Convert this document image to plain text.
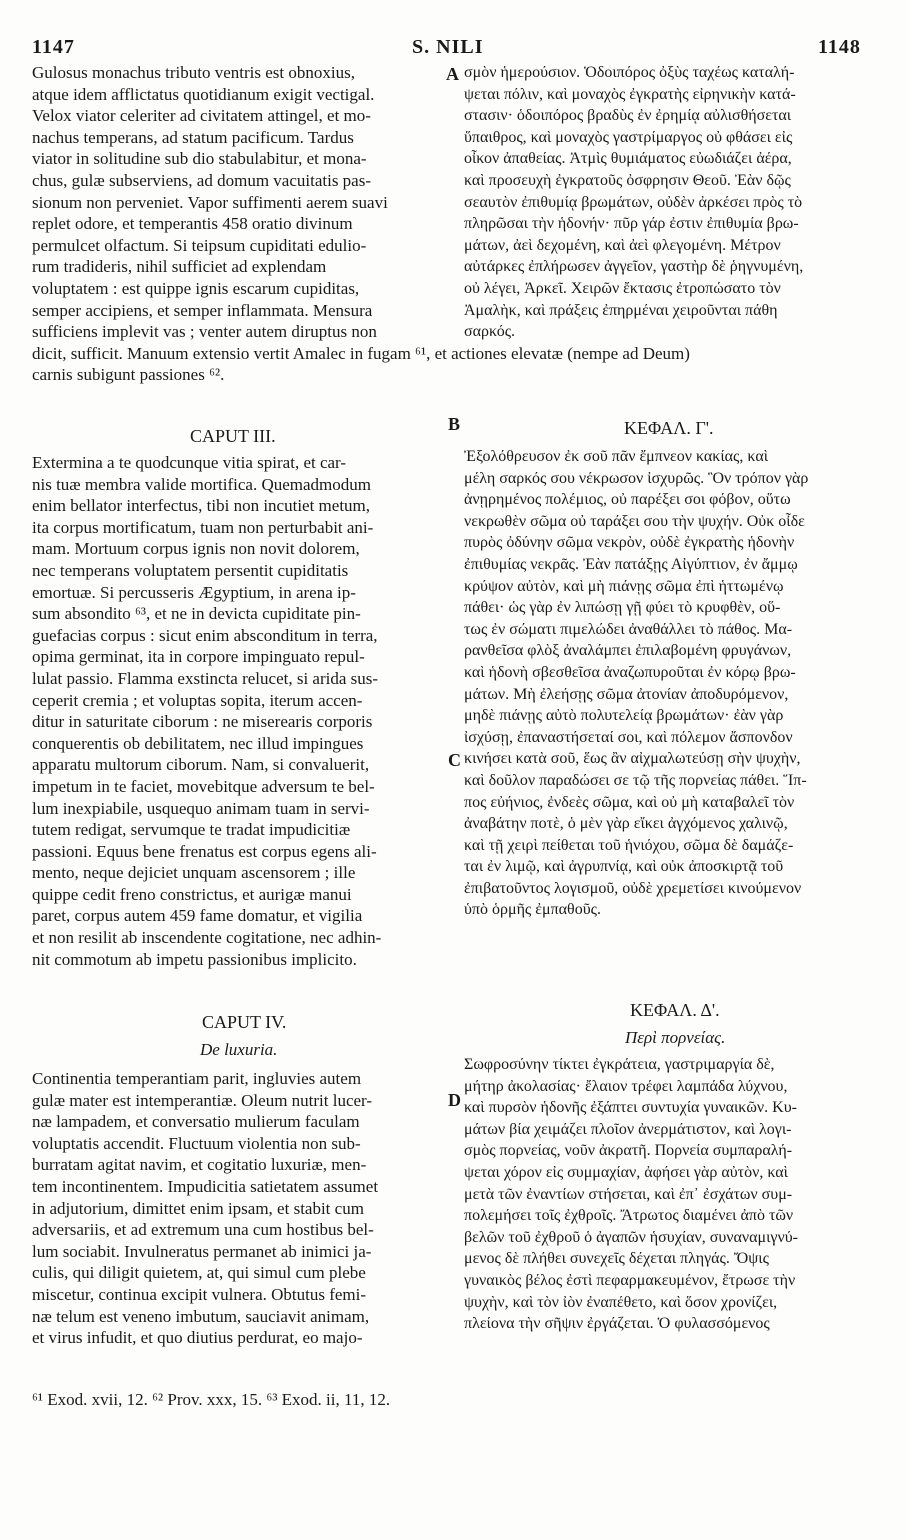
1147	S. NILI	1148
A
B
C
D
Gulosus monachus tributo ventris est obnoxius,
atque idem afflictatus quotidianum exigit vectigal.
Velox viator celeriter ad civitatem attingel, et mo-
nachus temperans, ad statum pacificum. Tardus
viator in solitudine sub dio stabulabitur, et mona-
chus, gulæ subserviens, ad domum vacuitatis pas-
sionum non perveniet. Vapor suffimenti aerem suavi
replet odore, et temperantis 458 oratio divinum
permulcet olfactum. Si teipsum cupiditati edulio-
rum tradideris, nihil sufficiet ad explendam
voluptatem : est quippe ignis escarum cupiditas,
semper accipiens, et semper inflammata. Mensura
sufficiens implevit vas ; venter autem diruptus non
dicit, sufficit. Manuum extensio vertit Amalec in fugam ⁶¹, et actiones elevatæ (nempe ad Deum)
carnis subigunt passiones ⁶².
σμὸν ἡμερούσιον. Ὁδοιπόρος ὀξὺς ταχέως καταλή-
ψεται πόλιν, καὶ μοναχὸς ἐγκρατὴς εἰρηνικὴν κατά-
στασιν· ὁδοιπόρος βραδὺς ἐν ἐρημίᾳ αὐλισθήσεται
ὕπαιθρος, καὶ μοναχὸς γαστρίμαργος οὐ φθάσει εἰς
οἶκον ἀπαθείας. Ἀτμὶς θυμιάματος εὐωδιάζει ἀέρα,
καὶ προσευχὴ ἐγκρατοῦς ὀσφρησιν Θεοῦ. Ἐὰν δῷς
σεαυτὸν ἐπιθυμίᾳ βρωμάτων, οὐδὲν ἀρκέσει πρὸς τὸ
πληρῶσαι τὴν ἡδονήν· πῦρ γάρ ἐστιν ἐπιθυμία βρω-
μάτων, ἀεὶ δεχομένη, καὶ ἀεὶ φλεγομένη. Μέτρον
αὐτάρκες ἐπλήρωσεν ἀγγεῖον, γαστὴρ δὲ ῥηγνυμένη,
οὐ λέγει, Ἀρκεῖ. Χειρῶν ἔκτασις ἐτροπώσατο τὸν
Ἀμαλὴκ, καὶ πράξεις ἐπηρμέναι χειροῦνται πάθη
σαρκός.
CAPUT III.	ΚΕΦΑΛ. Γ'.
Extermina a te quodcunque vitia spirat, et car-
nis tuæ membra valide mortifica. Quemadmodum
enim bellator interfectus, tibi non incutiet metum,
ita corpus mortificatum, tuam non perturbabit ani-
mam. Mortuum corpus ignis non novit dolorem,
nec temperans voluptatem persentit cupiditatis
emortuæ. Si percusseris Ægyptium, in arena ip-
sum absondito ⁶³, et ne in devicta cupiditate pin-
guefacias corpus : sicut enim absconditum in terra,
opima germinat, ita in corpore impinguato repul-
lulat passio. Flamma exstincta relucet, si arida sus-
ceperit cremia ; et voluptas sopita, iterum accen-
ditur in saturitate ciborum : ne miserearis corporis
conquerentis ob debilitatem, nec illud impingues
apparatu multorum ciborum. Nam, si convaluerit,
impetum in te faciet, movebitque adversum te bel-
lum inexpiabile, usquequo animam tuam in servi-
tutem redigat, servumque te tradat impudicitiæ
passioni. Equus bene frenatus est corpus egens ali-
mento, neque dejiciet unquam ascensorem ; ille
quippe cedit freno constrictus, et aurigæ manui
paret, corpus autem 459 fame domatur, et vigilia
et non resilit ab inscendente cogitatione, nec adhin-
nit commotum ab impetu passionibus implicito.
Ἐξολόθρευσον ἐκ σοῦ πᾶν ἔμπνεον κακίας, καὶ
μέλη σαρκός σου νέκρωσον ἰσχυρῶς. Ὃν τρόπον γὰρ
ἀνῃρημένος πολέμιος, οὐ παρέξει σοι φόβον, οὕτω
νεκρωθὲν σῶμα οὐ ταράξει σου τὴν ψυχήν. Οὐκ οἶδε
πυρὸς ὀδύνην σῶμα νεκρὸν, οὐδὲ ἐγκρατὴς ἡδονὴν
ἐπιθυμίας νεκρᾶς. Ἐὰν πατάξῃς Αἰγύπτιον, ἐν ἄμμῳ
κρύψον αὐτὸν, καὶ μὴ πιάνῃς σῶμα ἐπὶ ἡττωμένῳ
πάθει· ὡς γὰρ ἐν λιπώσῃ γῇ φύει τὸ κρυφθὲν, οὕ-
τως ἐν σώματι πιμελώδει ἀναθάλλει τὸ πάθος. Μα-
ρανθεῖσα φλὸξ ἀναλάμπει ἐπιλαβομένη φρυγάνων,
καὶ ἡδονὴ σβεσθεῖσα ἀναζωπυροῦται ἐν κόρῳ βρω-
μάτων. Μὴ ἐλεήσῃς σῶμα ἀτονίαν ἀποδυρόμενον,
μηδὲ πιάνῃς αὐτὸ πολυτελείᾳ βρωμάτων· ἐὰν γὰρ
ἰσχύσῃ, ἐπαναστήσεταί σοι, καὶ πόλεμον ἄσπονδον
κινήσει κατὰ σοῦ, ἕως ἂν αἰχμαλωτεύσῃ σὴν ψυχὴν,
καὶ δοῦλον παραδώσει σε τῷ τῆς πορνείας πάθει. Ἵπ-
πος εὐήνιος, ἐνδεὲς σῶμα, καὶ οὐ μὴ καταβαλεῖ τὸν
ἀναβάτην ποτὲ, ὁ μὲν γὰρ εἴκει ἀγχόμενος χαλινῷ,
καὶ τῇ χειρὶ πείθεται τοῦ ἡνιόχου, σῶμα δὲ δαμάζε-
ται ἐν λιμῷ, καὶ ἀγρυπνίᾳ, καὶ οὐκ ἀποσκιρτᾷ τοῦ
ἐπιβατοῦντος λογισμοῦ, οὐδὲ χρεμετίσει κινούμενον
ὑπὸ ὁρμῆς ἐμπαθοῦς.
CAPUT IV.
De luxuria.
ΚΕΦΑΛ. Δ'.
Περὶ πορνείας.
Continentia temperantiam parit, ingluvies autem
gulæ mater est intemperantiæ. Oleum nutrit lucer-
næ lampadem, et conversatio mulierum faculam
voluptatis accendit. Fluctuum violentia non sub-
burratam agitat navim, et cogitatio luxuriæ, men-
tem incontinentem. Impudicitia satietatem assumet
in adjutorium, dimittet enim ipsam, et stabit cum
adversariis, et ad extremum una cum hostibus bel-
lum sociabit. Invulneratus permanet ab inimici ja-
culis, qui diligit quietem, at, qui simul cum plebe
miscetur, continua excipit vulnera. Obtutus femi-
næ telum est veneno imbutum, sauciavit animam,
et virus infudit, et quo diutius perdurat, eo majo-
Σωφροσύνην τίκτει ἐγκράτεια, γαστριμαργία δὲ,
μήτηρ ἀκολασίας· ἔλαιον τρέφει λαμπάδα λύχνου,
καὶ πυρσὸν ἡδονῆς ἐξάπτει συντυχία γυναικῶν. Κυ-
μάτων βία χειμάζει πλοῖον ἀνερμάτιστον, καὶ λογι-
σμὸς πορνείας, νοῦν ἀκρατῆ. Πορνεία συμπαραλή-
ψεται χόρον εἰς συμμαχίαν, ἀφήσει γὰρ αὐτὸν, καὶ
μετὰ τῶν ἐναντίων στήσεται, καὶ ἐπ᾽ ἐσχάτων συμ-
πολεμήσει τοῖς ἐχθροῖς. Ἄτρωτος διαμένει ἀπὸ τῶν
βελῶν τοῦ ἐχθροῦ ὁ ἀγαπῶν ἡσυχίαν, συναναμιγνύ-
μενος δὲ πλήθει συνεχεῖς δέχεται πληγάς. Ὄψις
γυναικὸς βέλος ἐστὶ πεφαρμακευμένον, ἔτρωσε τὴν
ψυχὴν, καὶ τὸν ἰὸν ἐναπέθετο, καὶ ὅσον χρονίζει,
πλείονα τὴν σῆψιν ἐργάζεται. Ὁ φυλασσόμενος
⁶¹ Exod. xvii, 12. ⁶² Prov. xxx, 15. ⁶³ Exod. ii, 11, 12.
